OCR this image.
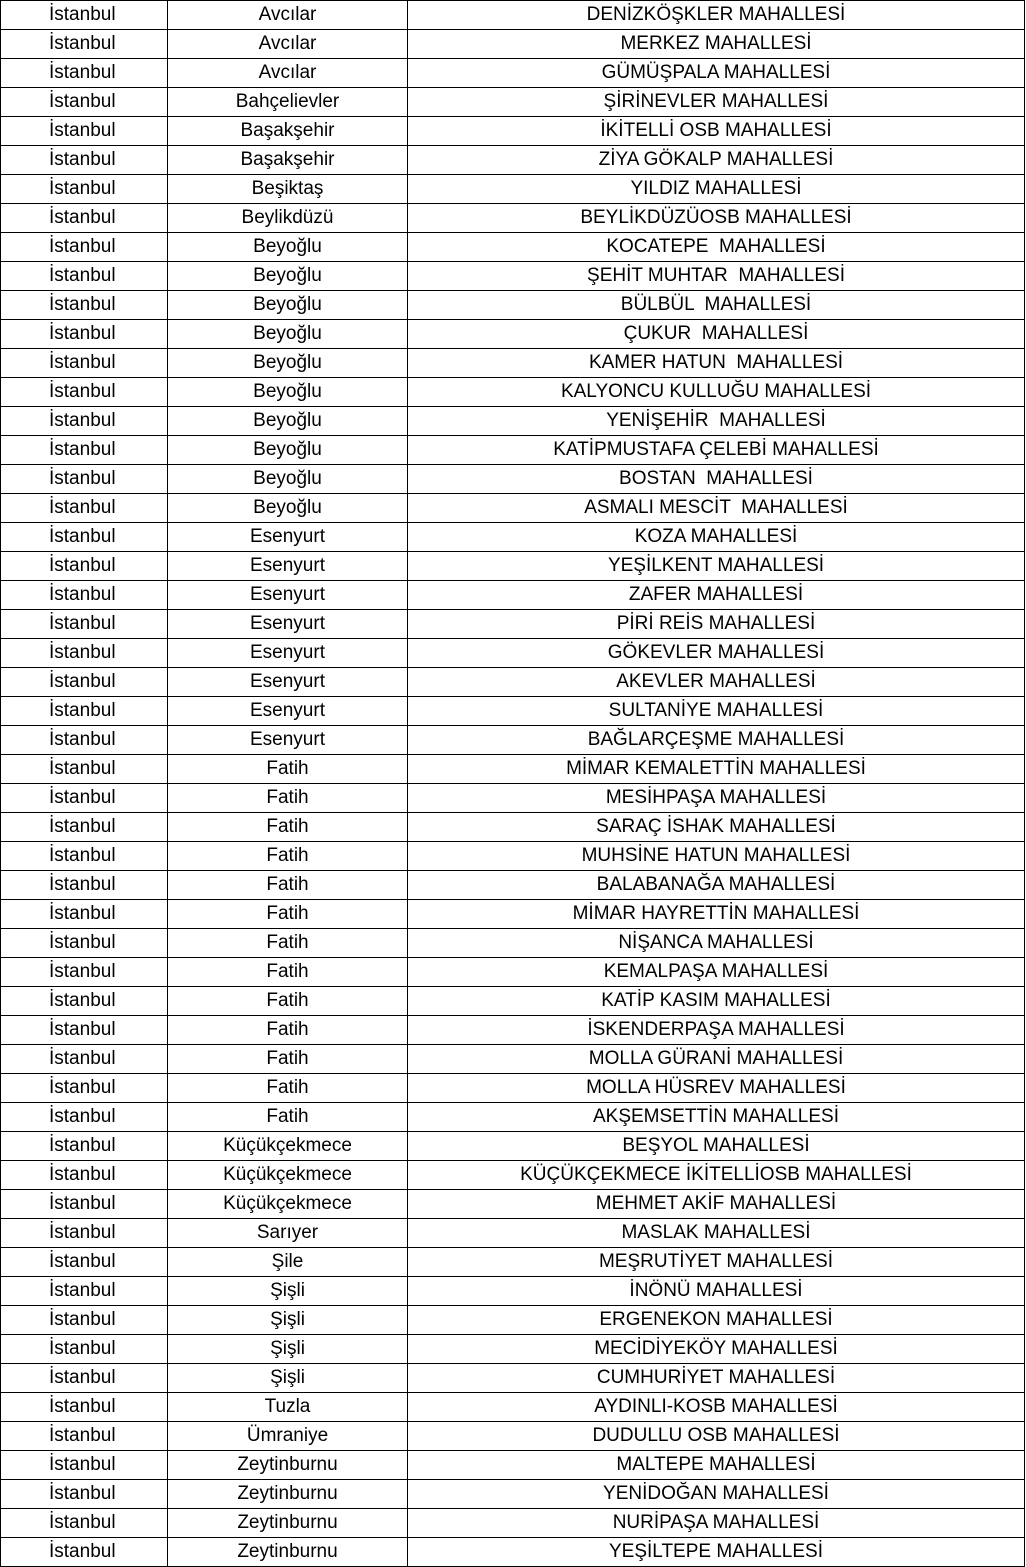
İstanbul	Avcılar	DENİZKÖŞKLER MAHALLESİ
İstanbul	Avcılar	MERKEZ MAHALLESİ
İstanbul	Avcılar	GÜMÜŞPALA MAHALLESİ
İstanbul	Bahçelievler	ŞİRİNEVLER MAHALLESİ
İstanbul	Başakşehir	İKİTELLİ OSB MAHALLESİ
İstanbul	Başakşehir	ZİYA GÖKALP MAHALLESİ
İstanbul	Beşiktaş	YILDIZ MAHALLESİ
İstanbul	Beylikdüzü	BEYLİKDÜZÜOSB MAHALLESİ
İstanbul	Beyoğlu	KOCATEPE  MAHALLESİ
İstanbul	Beyoğlu	ŞEHİT MUHTAR  MAHALLESİ
İstanbul	Beyoğlu	BÜLBÜL  MAHALLESİ
İstanbul	Beyoğlu	ÇUKUR  MAHALLESİ
İstanbul	Beyoğlu	KAMER HATUN  MAHALLESİ
İstanbul	Beyoğlu	KALYONCU KULLUĞU MAHALLESİ
İstanbul	Beyoğlu	YENİŞEHİR  MAHALLESİ
İstanbul	Beyoğlu	KATİPMUSTAFA ÇELEBİ MAHALLESİ
İstanbul	Beyoğlu	BOSTAN  MAHALLESİ
İstanbul	Beyoğlu	ASMALI MESCİT  MAHALLESİ
İstanbul	Esenyurt	KOZA MAHALLESİ
İstanbul	Esenyurt	YEŞİLKENT MAHALLESİ
İstanbul	Esenyurt	ZAFER MAHALLESİ
İstanbul	Esenyurt	PİRİ REİS MAHALLESİ
İstanbul	Esenyurt	GÖKEVLER MAHALLESİ
İstanbul	Esenyurt	AKEVLER MAHALLESİ
İstanbul	Esenyurt	SULTANİYE MAHALLESİ
İstanbul	Esenyurt	BAĞLARÇEŞME MAHALLESİ
İstanbul	Fatih	MİMAR KEMALETTİN MAHALLESİ
İstanbul	Fatih	MESİHPAŞA MAHALLESİ
İstanbul	Fatih	SARAÇ İSHAK MAHALLESİ
İstanbul	Fatih	MUHSİNE HATUN MAHALLESİ
İstanbul	Fatih	BALABANAĞA MAHALLESİ
İstanbul	Fatih	MİMAR HAYRETTİN MAHALLESİ
İstanbul	Fatih	NİŞANCA MAHALLESİ
İstanbul	Fatih	KEMALPAŞA MAHALLESİ
İstanbul	Fatih	KATİP KASIM MAHALLESİ
İstanbul	Fatih	İSKENDERPAŞA MAHALLESİ
İstanbul	Fatih	MOLLA GÜRANİ MAHALLESİ
İstanbul	Fatih	MOLLA HÜSREV MAHALLESİ
İstanbul	Fatih	AKŞEMSETTİN MAHALLESİ
İstanbul	Küçükçekmece	BEŞYOL MAHALLESİ
İstanbul	Küçükçekmece	KÜÇÜKÇEKMECE İKİTELLİOSB MAHALLESİ
İstanbul	Küçükçekmece	MEHMET AKİF MAHALLESİ
İstanbul	Sarıyer	MASLAK MAHALLESİ
İstanbul	Şile	MEŞRUTİYET MAHALLESİ
İstanbul	Şişli	İNÖNÜ MAHALLESİ
İstanbul	Şişli	ERGENEKON MAHALLESİ
İstanbul	Şişli	MECİDİYEKÖY MAHALLESİ
İstanbul	Şişli	CUMHURİYET MAHALLESİ
İstanbul	Tuzla	AYDINLI-KOSB MAHALLESİ
İstanbul	Ümraniye	DUDULLU OSB MAHALLESİ
İstanbul	Zeytinburnu	MALTEPE MAHALLESİ
İstanbul	Zeytinburnu	YENİDOĞAN MAHALLESİ
İstanbul	Zeytinburnu	NURİPAŞA MAHALLESİ
İstanbul	Zeytinburnu	YEŞİLTEPE MAHALLESİ
